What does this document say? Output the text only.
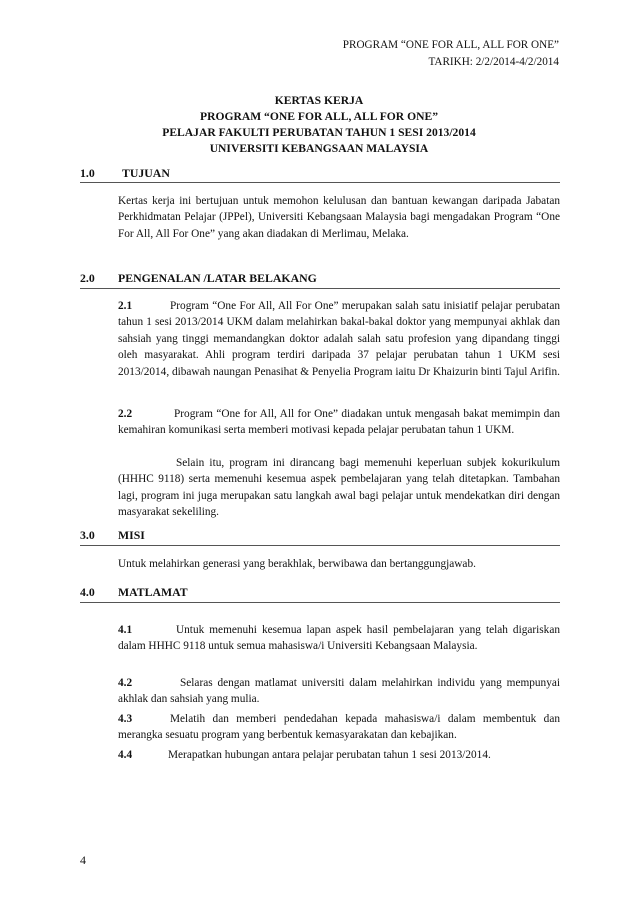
PROGRAM “ONE FOR ALL, ALL FOR ONE”
TARIKH: 2/2/2014-4/2/2014
KERTAS KERJA
PROGRAM “ONE FOR ALL, ALL FOR ONE”
PELAJAR FAKULTI PERUBATAN TAHUN 1 SESI 2013/2014
UNIVERSITI KEBANGSAAN MALAYSIA
1.0 TUJUAN
Kertas kerja ini bertujuan untuk memohon kelulusan dan bantuan kewangan daripada Jabatan Perkhidmatan Pelajar (JPPel), Universiti Kebangsaan Malaysia bagi mengadakan Program “One For All, All For One” yang akan diadakan di Merlimau, Melaka.
2.0 PENGENALAN /LATAR BELAKANG
2.1	Program “One For All, All For One” merupakan salah satu inisiatif pelajar perubatan tahun 1 sesi 2013/2014 UKM dalam melahirkan bakal-bakal doktor yang mempunyai akhlak dan sahsiah yang tinggi memandangkan doktor adalah salah satu profesion yang dipandang tinggi oleh masyarakat. Ahli program terdiri daripada 37 pelajar perubatan tahun 1 UKM sesi 2013/2014, dibawah naungan Penasihat & Penyelia Program iaitu Dr Khaizurin binti Tajul Arifin.
2.2	Program “One for All, All for One” diadakan untuk mengasah bakat memimpin dan kemahiran komunikasi serta memberi motivasi kepada pelajar perubatan tahun 1 UKM.
Selain itu, program ini dirancang bagi memenuhi keperluan subjek kokurikulum (HHHC 9118) serta memenuhi kesemua aspek pembelajaran yang telah ditetapkan. Tambahan lagi, program ini juga merupakan satu langkah awal bagi pelajar untuk mendekatkan diri dengan masyarakat sekeliling.
3.0 MISI
Untuk melahirkan generasi yang berakhlak, berwibawa dan bertanggungjawab.
4.0 MATLAMAT
4.1	Untuk memenuhi kesemua lapan aspek hasil pembelajaran yang telah digariskan dalam HHHC 9118 untuk semua mahasiswa/i Universiti Kebangsaan Malaysia.
4.2	Selaras dengan matlamat universiti dalam melahirkan individu yang mempunyai akhlak dan sahsiah yang mulia.
4.3	Melatih dan memberi pendedahan kepada mahasiswa/i dalam membentuk dan merangka sesuatu program yang berbentuk kemasyarakatan dan kebajikan.
4.4	Merapatkan hubungan antara pelajar perubatan tahun 1 sesi 2013/2014.
4
